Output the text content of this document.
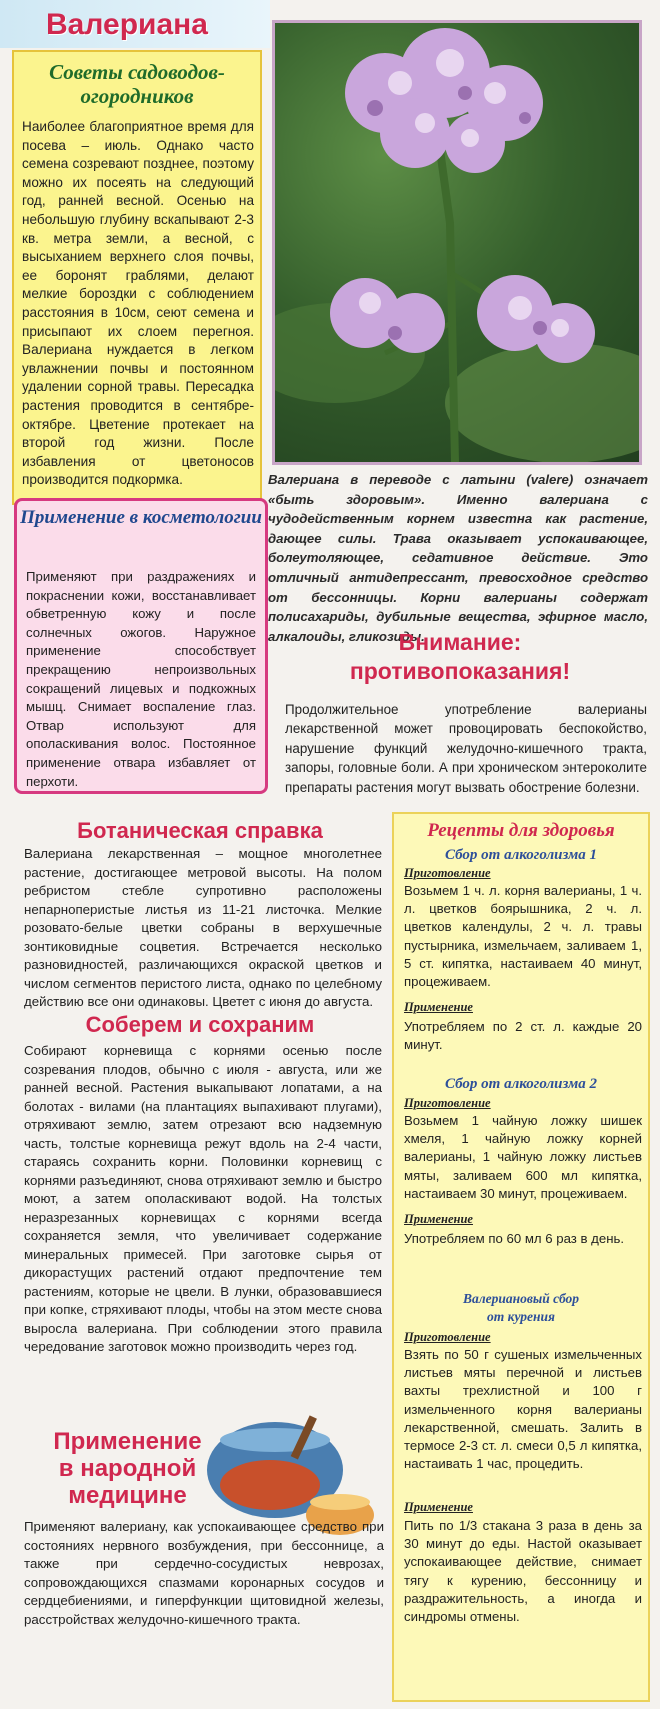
Валериана
Советы садоводов-огородников
Наиболее благоприятное время для посева – июль. Однако часто семена созревают позднее, поэтому можно их посеять на следующий год, ранней весной. Осенью на небольшую глубину вскапывают 2-3 кв. метра земли, а весной, с высыханием верхнего слоя почвы, ее боронят граблями, делают мелкие бороздки с соблюдением расстояния в 10см, сеют семена и присыпают их слоем перегноя. Валериана нуждается в легком увлажнении почвы и постоянном удалении сорной травы. Пересадка растения проводится в сентябре-октябре. Цветение протекает на второй год жизни. После избавления от цветоносов производится подкормка.	Валериана в переводе с латыни (valere) означает «быть здоровым». Именно валериана с чудодейственным корнем известна как растение, дающее силы. Трава оказывает успокаивающее, болеутоляющее, седативное действие. Это отличный антидепрессант, превосходное средство от бессонницы. Корни валерианы содержат полисахариды, дубильные вещества, эфирное масло, алкалоиды, гликозиды.
Применение в косметологии
Применяют при раздражениях и покраснении кожи, восстанавливает обветренную кожу и после солнечных ожогов. Наружное применение способствует прекращению непроизвольных сокращений лицевых и подкожных мышц. Снимает воспаление глаз. Отвар используют для ополаскивания волос. Постоянное применение отвара избавляет от перхоти.
Внимание:
противопоказания!
Продолжительное употребление валерианы лекарственной может провоцировать беспокойство, нарушение функций желудочно-кишечного тракта, запоры, головные боли. А при хроническом энтероколите препараты растения могут вызвать обострение болезни.
Ботаническая справка
Валериана лекарственная – мощное многолетнее растение, достигающее метровой высоты. На полом ребристом стебле супротивно расположены непарноперистые листья из 11-21 листочка. Мелкие розовато-белые цветки собраны в верхушечные зонтиковидные соцветия. Встречается несколько разновидностей, различающихся окраской цветков и числом сегментов перистого листа, однако по целебному действию все они одинаковы. Цветет с июня до августа.
Соберем и сохраним
Собирают корневища с корнями осенью после созревания плодов, обычно с июля - августа, или же ранней весной. Растения выкапывают лопатами, а на болотах - вилами (на плантациях выпахивают плугами), отряхивают землю, затем отрезают всю надземную часть, толстые корневища режут вдоль на 2-4 части, стараясь сохранить корни. Половинки корневищ с корнями разъединяют, снова отряхивают землю и быстро моют, а затем ополаскивают водой. На толстых неразрезанных корневищах с корнями всегда сохраняется земля, что увеличивает содержание минеральных примесей. При заготовке сырья от дикорастущих растений отдают предпочтение тем растениям, которые не цвели. В лунки, образовавшиеся при копке, стряхивают плоды, чтобы на этом месте снова выросла валериана. При соблюдении этого правила чередование заготовок можно производить через год.
Применение
в народной
медицине
Применяют валериану, как успокаивающее средство при состояниях нервного возбуждения, при бессоннице, а также при сердечно-сосудистых неврозах, сопровождающихся спазмами коронарных сосудов и сердцебиениями, и гиперфункции щитовидной железы, расстройствах желудочно-кишечного тракта.
Рецепты для здоровья
Сбор от алкоголизма 1
Приготовление
Возьмем 1 ч. л. корня валерианы, 1 ч. л. цветков боярышника, 2 ч. л. цветков календулы, 2 ч. л. травы пустырника, измельчаем, заливаем 1, 5 ст. кипятка, настаиваем 40 минут, процеживаем.
Применение
Употребляем по 2 ст. л. каждые 20 минут.
Сбор от алкоголизма 2
Приготовление
Возьмем 1 чайную ложку шишек хмеля, 1 чайную ложку корней валерианы, 1 чайную ложку листьев мяты, заливаем 600 мл кипятка, настаиваем 30 минут, процеживаем.
Применение
Употребляем по 60 мл 6 раз в день.
Валериановый сбор
от курения
Приготовление
Взять по 50 г сушеных измельченных листьев мяты перечной и листьев вахты трехлистной и 100 г измельченного корня валерианы лекарственной, смешать. Залить в термосе 2-3 ст. л. смеси 0,5 л кипятка, настаивать 1 час, процедить.
Применение
Пить по 1/3 стакана 3 раза в день за 30 минут до еды. Настой оказывает успокаивающее действие, снимает тягу к курению, бессонницу и раздражительность, а иногда и синдромы отмены.
